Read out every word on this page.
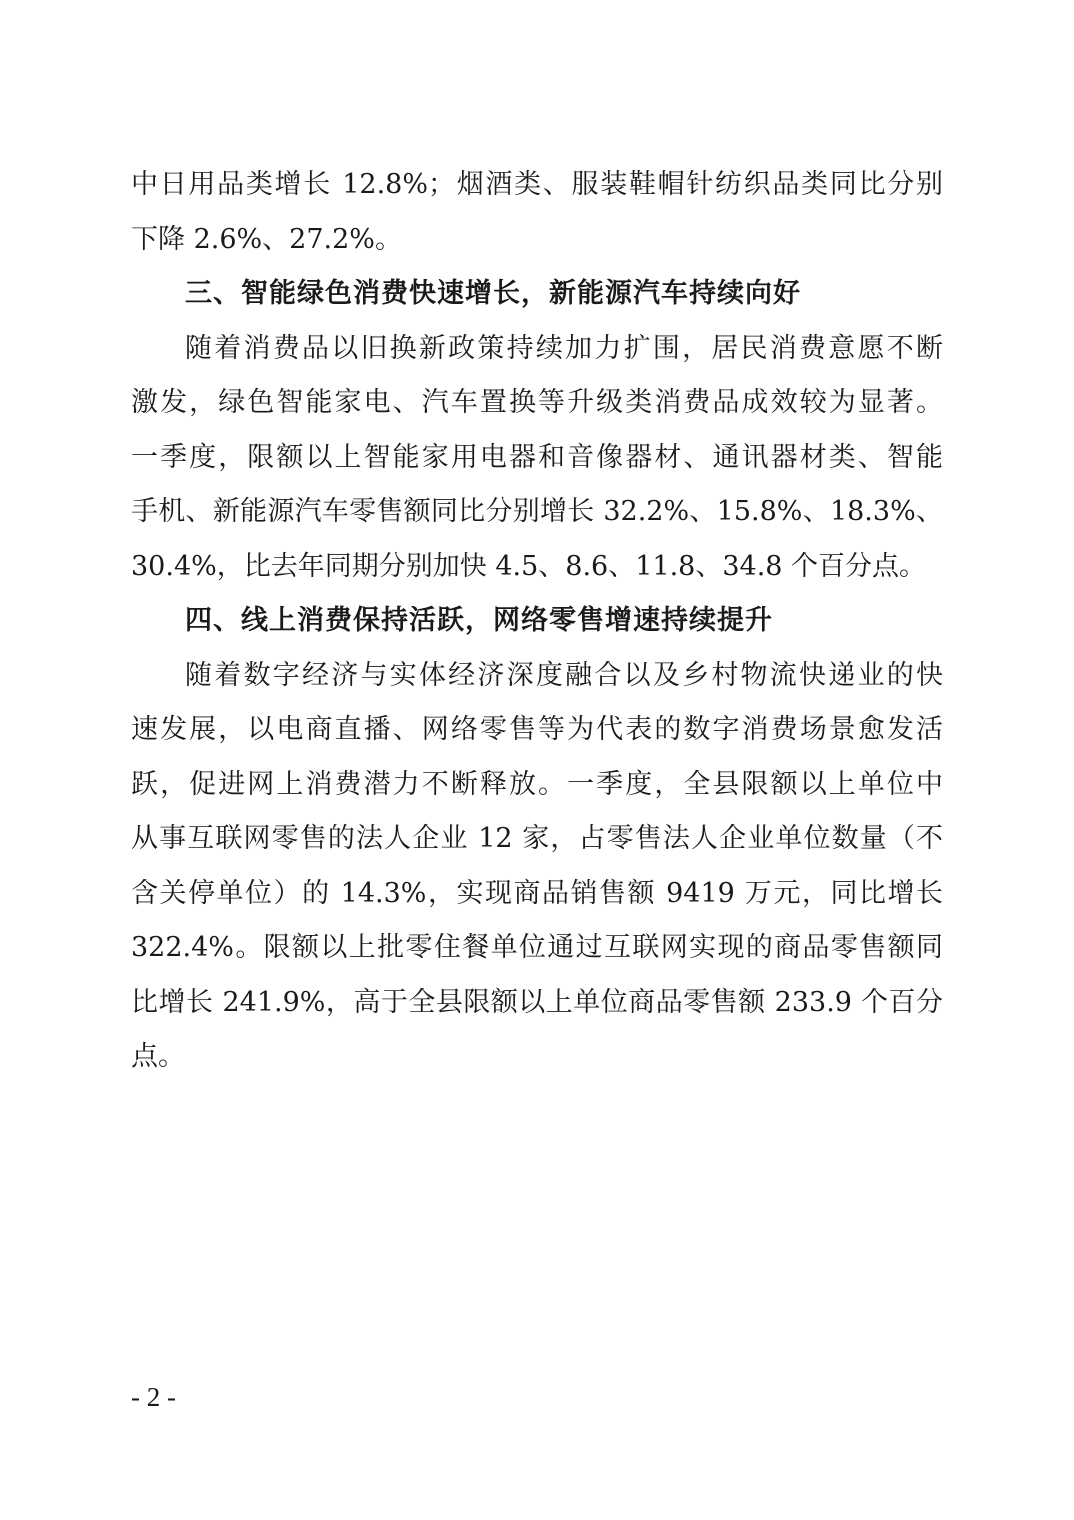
中日用品类增长 12.8%；烟酒类、服装鞋帽针纺织品类同比分别
下降 2.6%、27.2%。
三、智能绿色消费快速增长，新能源汽车持续向好
随着消费品以旧换新政策持续加力扩围，居民消费意愿不断
激发，绿色智能家电、汽车置换等升级类消费品成效较为显著。
一季度，限额以上智能家用电器和音像器材、通讯器材类、智能
手机、新能源汽车零售额同比分别增长 32.2%、15.8%、18.3%、
30.4%，比去年同期分别加快 4.5、8.6、11.8、34.8 个百分点。
四、线上消费保持活跃，网络零售增速持续提升
随着数字经济与实体经济深度融合以及乡村物流快递业的快
速发展，以电商直播、网络零售等为代表的数字消费场景愈发活
跃，促进网上消费潜力不断释放。一季度，全县限额以上单位中
从事互联网零售的法人企业 12 家，占零售法人企业单位数量（不
含关停单位）的 14.3%，实现商品销售额 9419 万元，同比增长
322.4%。限额以上批零住餐单位通过互联网实现的商品零售额同
比增长 241.9%，高于全县限额以上单位商品零售额 233.9 个百分
点。
- 2 -
